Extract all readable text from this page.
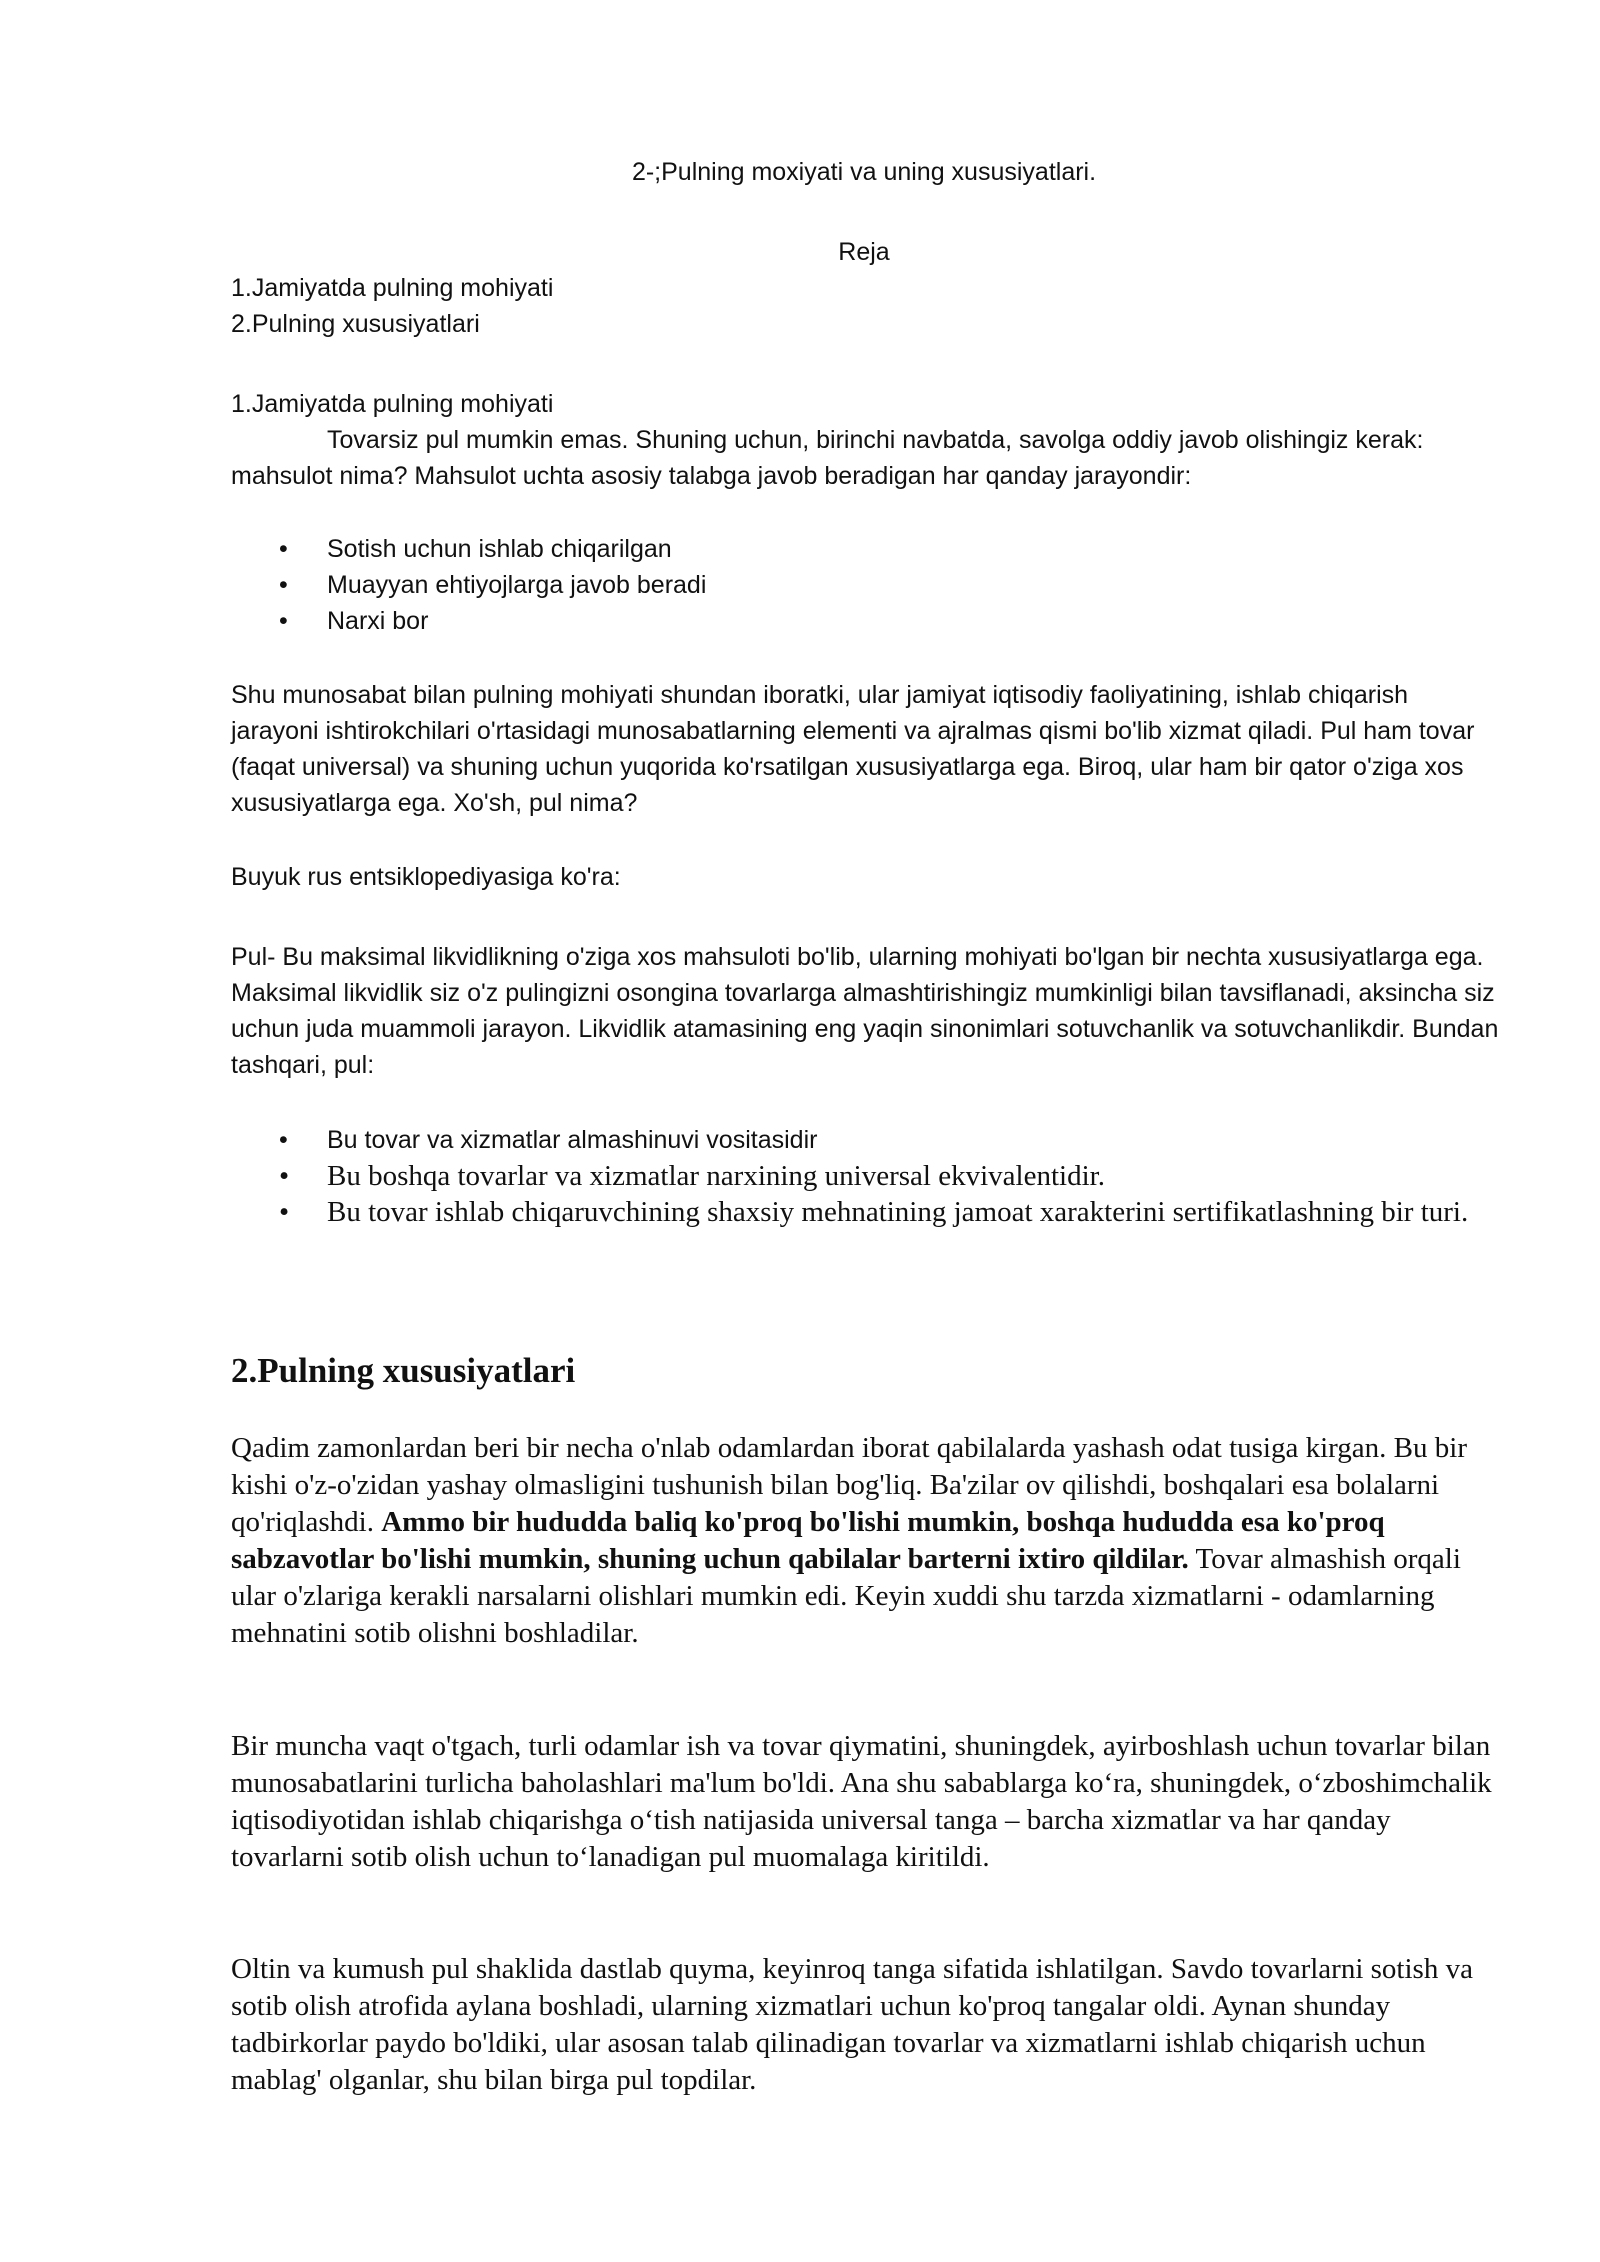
2-;Pulning moxiyati va uning xususiyatlari.

Reja

1.Jamiyatda pulning mohiyati
2.Pulning xususiyatlari

1.Jamiyatda pulning mohiyati

Tovarsiz pul mumkin emas. Shuning uchun, birinchi navbatda, savolga oddiy javob olishingiz kerak: mahsulot nima? Mahsulot uchta asosiy talabga javob beradigan har qanday jarayondir:

• Sotish uchun ishlab chiqarilgan
• Muayyan ehtiyojlarga javob beradi
• Narxi bor

Shu munosabat bilan pulning mohiyati shundan iboratki, ular jamiyat iqtisodiy faoliyatining, ishlab chiqarish jarayoni ishtirokchilari o'rtasidagi munosabatlarning elementi va ajralmas qismi bo'lib xizmat qiladi. Pul ham tovar (faqat universal) va shuning uchun yuqorida ko'rsatilgan xususiyatlarga ega. Biroq, ular ham bir qator o'ziga xos xususiyatlarga ega. Xo'sh, pul nima?

Buyuk rus entsiklopediyasiga ko'ra:

Pul- Bu maksimal likvidlikning o'ziga xos mahsuloti bo'lib, ularning mohiyati bo'lgan bir nechta xususiyatlarga ega. Maksimal likvidlik siz o'z pulingizni osongina tovarlarga almashtirishingiz mumkinligi bilan tavsiflanadi, aksincha siz uchun juda muammoli jarayon. Likvidlik atamasining eng yaqin sinonimlari sotuvchanlik va sotuvchanlikdir. Bundan tashqari, pul:

• Bu tovar va xizmatlar almashinuvi vositasidir
• Bu boshqa tovarlar va xizmatlar narxining universal ekvivalentidir.
• Bu tovar ishlab chiqaruvchining shaxsiy mehnatining jamoat xarakterini sertifikatlashning bir turi.
2.Pulning xususiyatlari

Qadim zamonlardan beri bir necha o'nlab odamlardan iborat qabilalarda yashash odat tusiga kirgan. Bu bir kishi o'z-o'zidan yashay olmasligini tushunish bilan bog'liq. Ba'zilar ov qilishdi, boshqalari esa bolalarni qo'riqlashdi. Ammo bir hududda baliq ko'proq bo'lishi mumkin, boshqa hududda esa ko'proq sabzavotlar bo'lishi mumkin, shuning uchun qabilalar barterni ixtiro qildilar. Tovar almashish orqali ular o'zlariga kerakli narsalarni olishlari mumkin edi. Keyin xuddi shu tarzda xizmatlarni - odamlarning mehnatini sotib olishni boshladilar.

Bir muncha vaqt o'tgach, turli odamlar ish va tovar qiymatini, shuningdek, ayirboshlash uchun tovarlar bilan munosabatlarini turlicha baholashlari ma'lum bo'ldi. Ana shu sabablarga ko‘ra, shuningdek, o‘zboshimchalik iqtisodiyotidan ishlab chiqarishga o‘tish natijasida universal tanga – barcha xizmatlar va har qanday tovarlarni sotib olish uchun to‘lanadigan pul muomalaga kiritildi.

Oltin va kumush pul shaklida dastlab quyma, keyinroq tanga sifatida ishlatilgan. Savdo tovarlarni sotish va sotib olish atrofida aylana boshladi, ularning xizmatlari uchun ko'proq tangalar oldi. Aynan shunday tadbirkorlar paydo bo'ldiki, ular asosan talab qilinadigan tovarlar va xizmatlarni ishlab chiqarish uchun mablag' olganlar, shu bilan birga pul topdilar.
